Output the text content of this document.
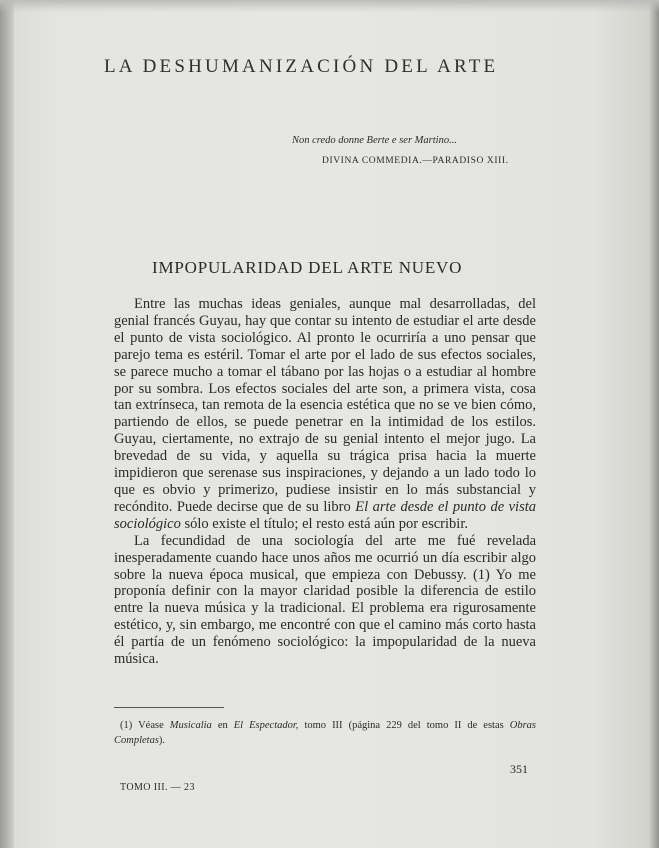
LA DESHUMANIZACIÓN DEL ARTE
Non credo donne Berte e ser Martino...
DIVINA COMMEDIA.—PARADISO XIII.
IMPOPULARIDAD DEL ARTE NUEVO

Entre las muchas ideas geniales, aunque mal desarrolladas, del genial francés Guyau, hay que contar su intento de estudiar el arte desde el punto de vista sociológico. Al pronto le ocurriría a uno pensar que parejo tema es estéril. Tomar el arte por el lado de sus efectos sociales, se parece mucho a tomar el tábano por las hojas o a estudiar al hombre por su sombra. Los efectos sociales del arte son, a primera vista, cosa tan extrínseca, tan remota de la esencia estética que no se ve bien cómo, partiendo de ellos, se puede penetrar en la intimidad de los estilos. Guyau, ciertamente, no extrajo de su genial intento el mejor jugo. La brevedad de su vida, y aquella su trágica prisa hacia la muerte impidieron que serenase sus inspiraciones, y dejando a un lado todo lo que es obvio y primerizo, pudiese insistir en lo más substancial y recóndito. Puede decirse que de su libro El arte desde el punto de vista sociológico sólo existe el título; el resto está aún por escribir.

La fecundidad de una sociología del arte me fué revelada inesperadamente cuando hace unos años me ocurrió un día escribir algo sobre la nueva época musical, que empieza con Debussy. (1) Yo me proponía definir con la mayor claridad posible la diferencia de estilo entre la nueva música y la tradicional. El problema era rigurosamente estético, y, sin embargo, me encontré con que el camino más corto hasta él partía de un fenómeno sociológico: la impopularidad de la nueva música.

(1) Véase Musicalia en El Espectador, tomo III (página 229 del tomo II de estas Obras Completas).
351
TOMO III. — 23
